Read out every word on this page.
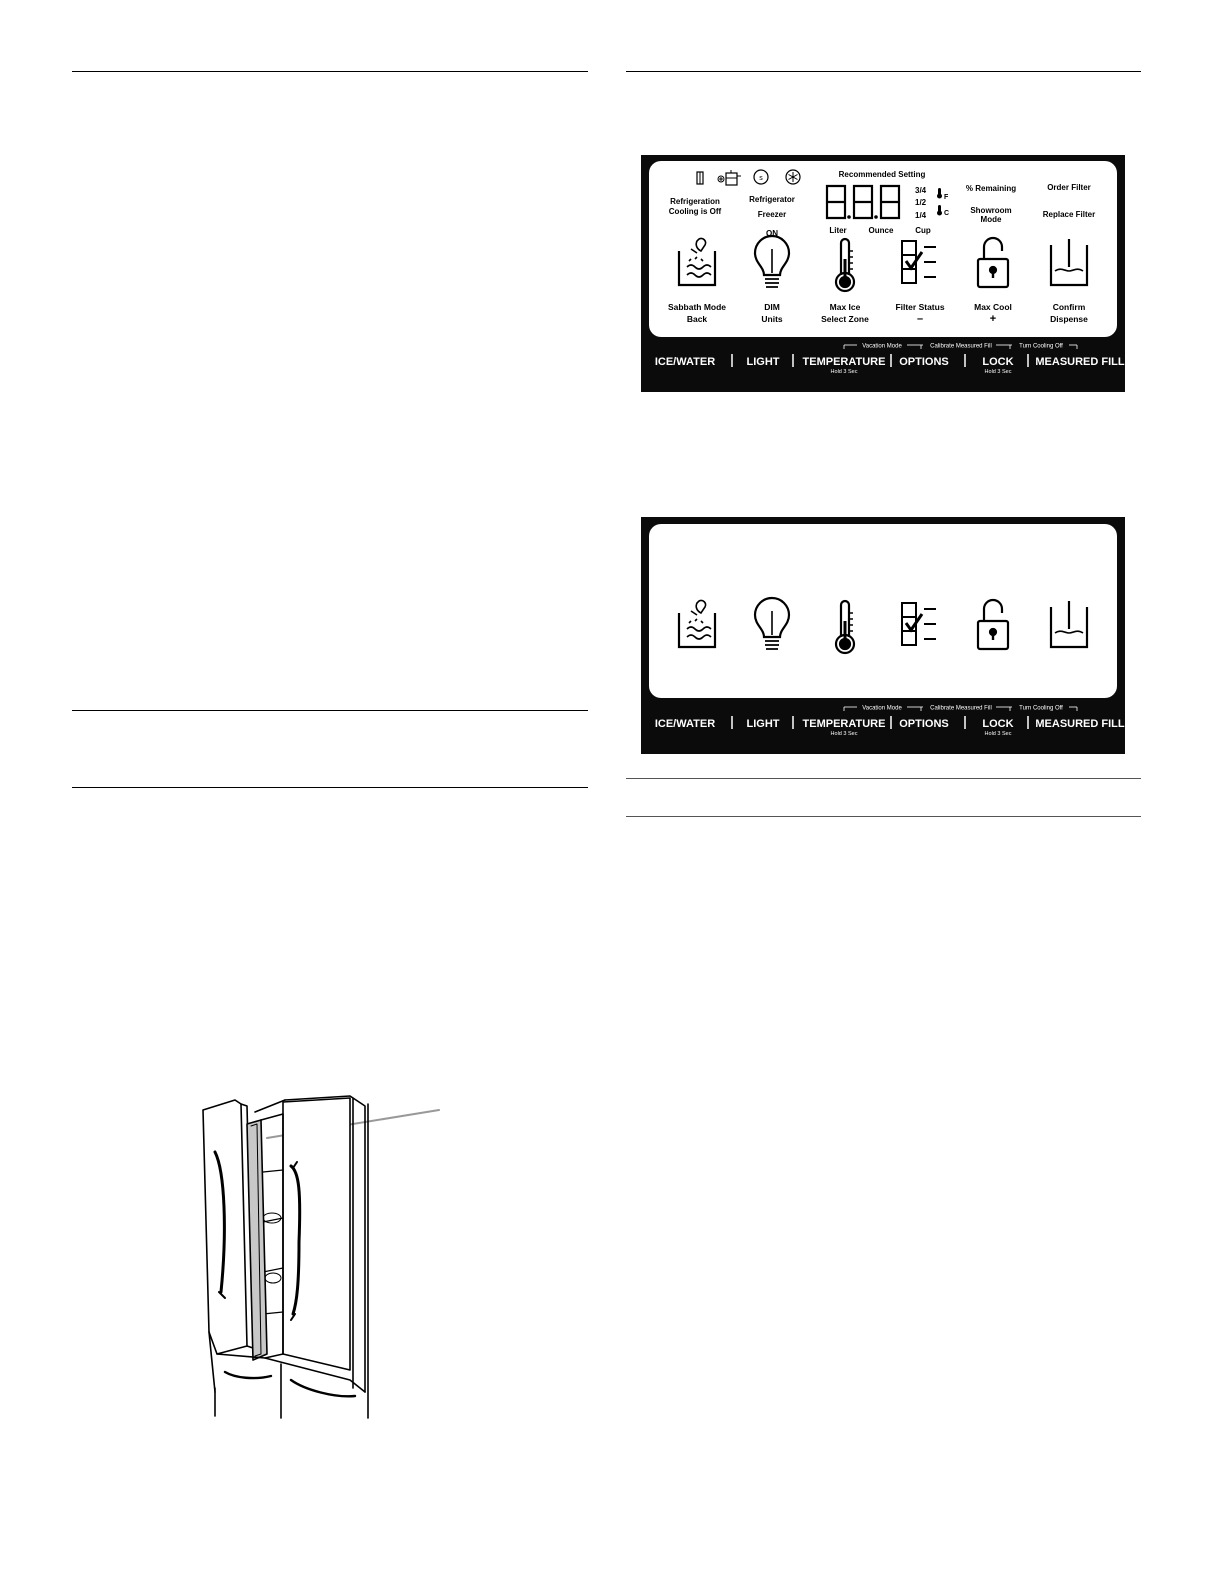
s
Refrigeration
Cooling is Off
Refrigerator
Freezer
Recommended Setting
3/4
1/2
1/4
F
C
% Remaining
Showroom
Mode
Order Filter
Replace Filter
ON	Liter	Ounce	Cup
Sabbath Mode
Back
DIM
Units
Max Ice
Select Zone
Filter Status
–
Max Cool
+
Confirm
Dispense
Vacation Mode	Calibrate Measured Fill	Turn Cooling Off
ICE/WATER	LIGHT TEMPERATURE OPTIONS	LOCK MEASURED FILL
Hold 3 Sec	Hold 3 Sec
Vacation Mode	Calibrate Measured Fill	Turn Cooling Off
ICE/WATER	LIGHT TEMPERATURE OPTIONS	LOCK MEASURED FILL
Hold 3 Sec	Hold 3 Sec
